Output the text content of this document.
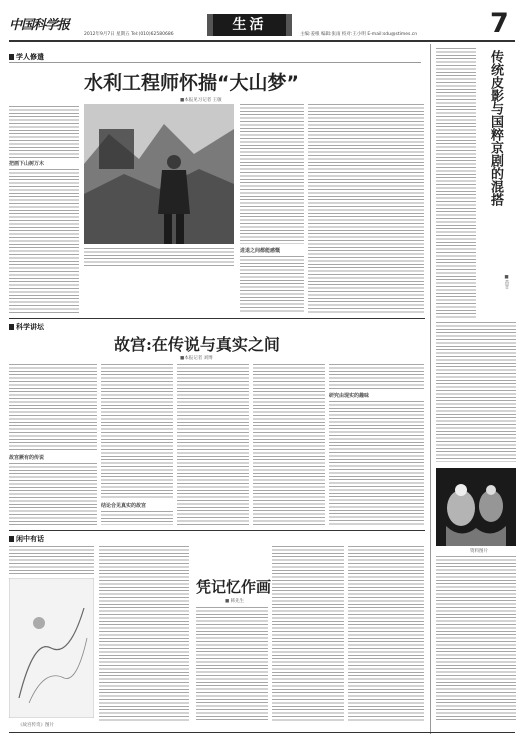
中国科学报
2012年9月7日 星期五 Tel:(010)62580686
生活
主编:姜根 编辑:张雨 校对:王小明 E-mail:sdu@stimes.cn	7
学人修遣
水利工程师怀揣“大山梦”
■本报见习记者 王敏
把画下山树万木
进退之间都能感慨
科学讲坛
故宫:在传说与真实之间
■本报记者 刘博
故宫厥有的传说
结论合见真实的故宫
研究由现实的趣味
闲中有话
凭记忆作画
■ 韩先生
《故宫传奇》图片
传统皮影与国粹京剧的混搭
■苗甘
资料图片
